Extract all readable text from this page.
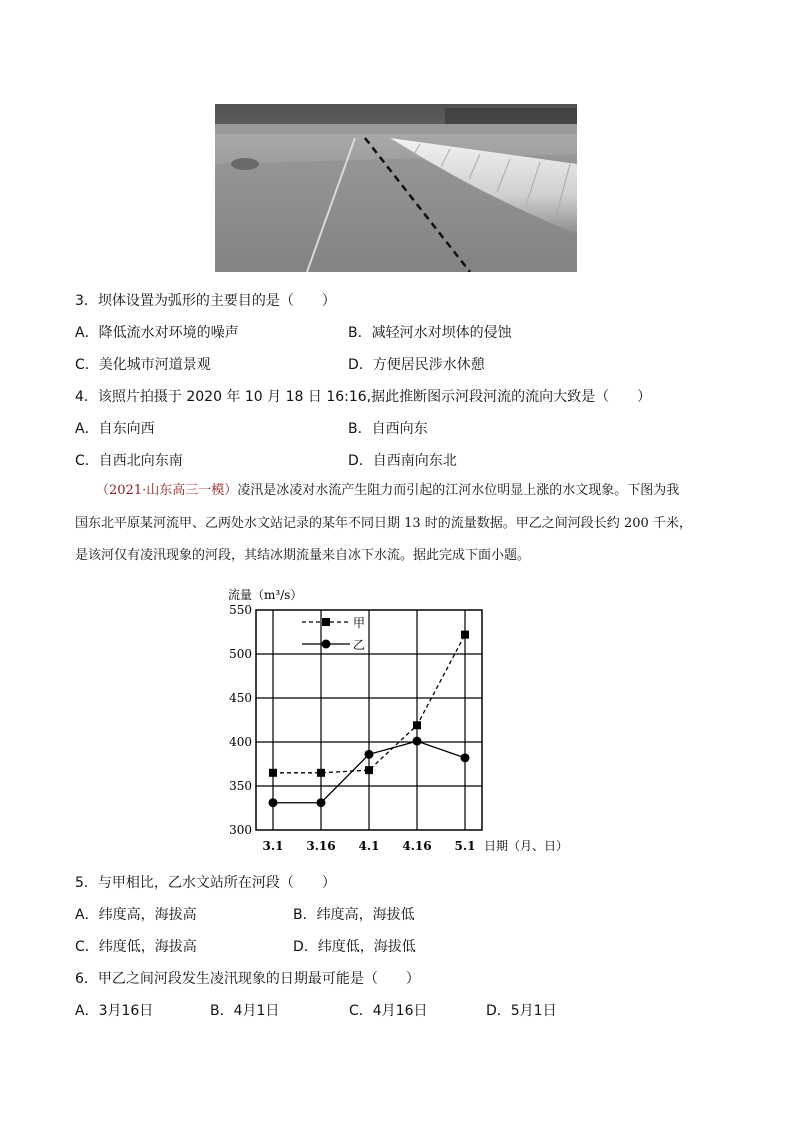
3．坝体设置为弧形的主要目的是（　　）
A．降低流水对环境的噪声	B．减轻河水对坝体的侵蚀
C．美化城市河道景观	D．方便居民涉水休憩
4．该照片拍摄于 2020 年 10 月 18 日 16:16,据此推断图示河段河流的流向大致是（　　）
A．自东向西	B．自西向东
C．自西北向东南	D．自西南向东北
（2021·山东高三一模）凌汛是冰凌对水流产生阻力而引起的江河水位明显上涨的水文现象。下图为我
国东北平原某河流甲、乙两处水文站记录的某年不同日期 13 时的流量数据。甲乙之间河段长约 200 千米，
是该河仅有凌汛现象的河段，其结冰期流量来自冰下水流。据此完成下面小题。
300
350
400
450
500
550
3.1 3.16 4.1 4.16 5.1
流量（m³/s）
日期（月、日）
甲
乙
5．与甲相比，乙水文站所在河段（　　）
A．纬度高，海拔高	B．纬度高，海拔低
C．纬度低，海拔高	D．纬度低，海拔低
6．甲乙之间河段发生凌汛现象的日期最可能是（　　）
A．3月16日	B．4月1日	C．4月16日	D．5月1日
